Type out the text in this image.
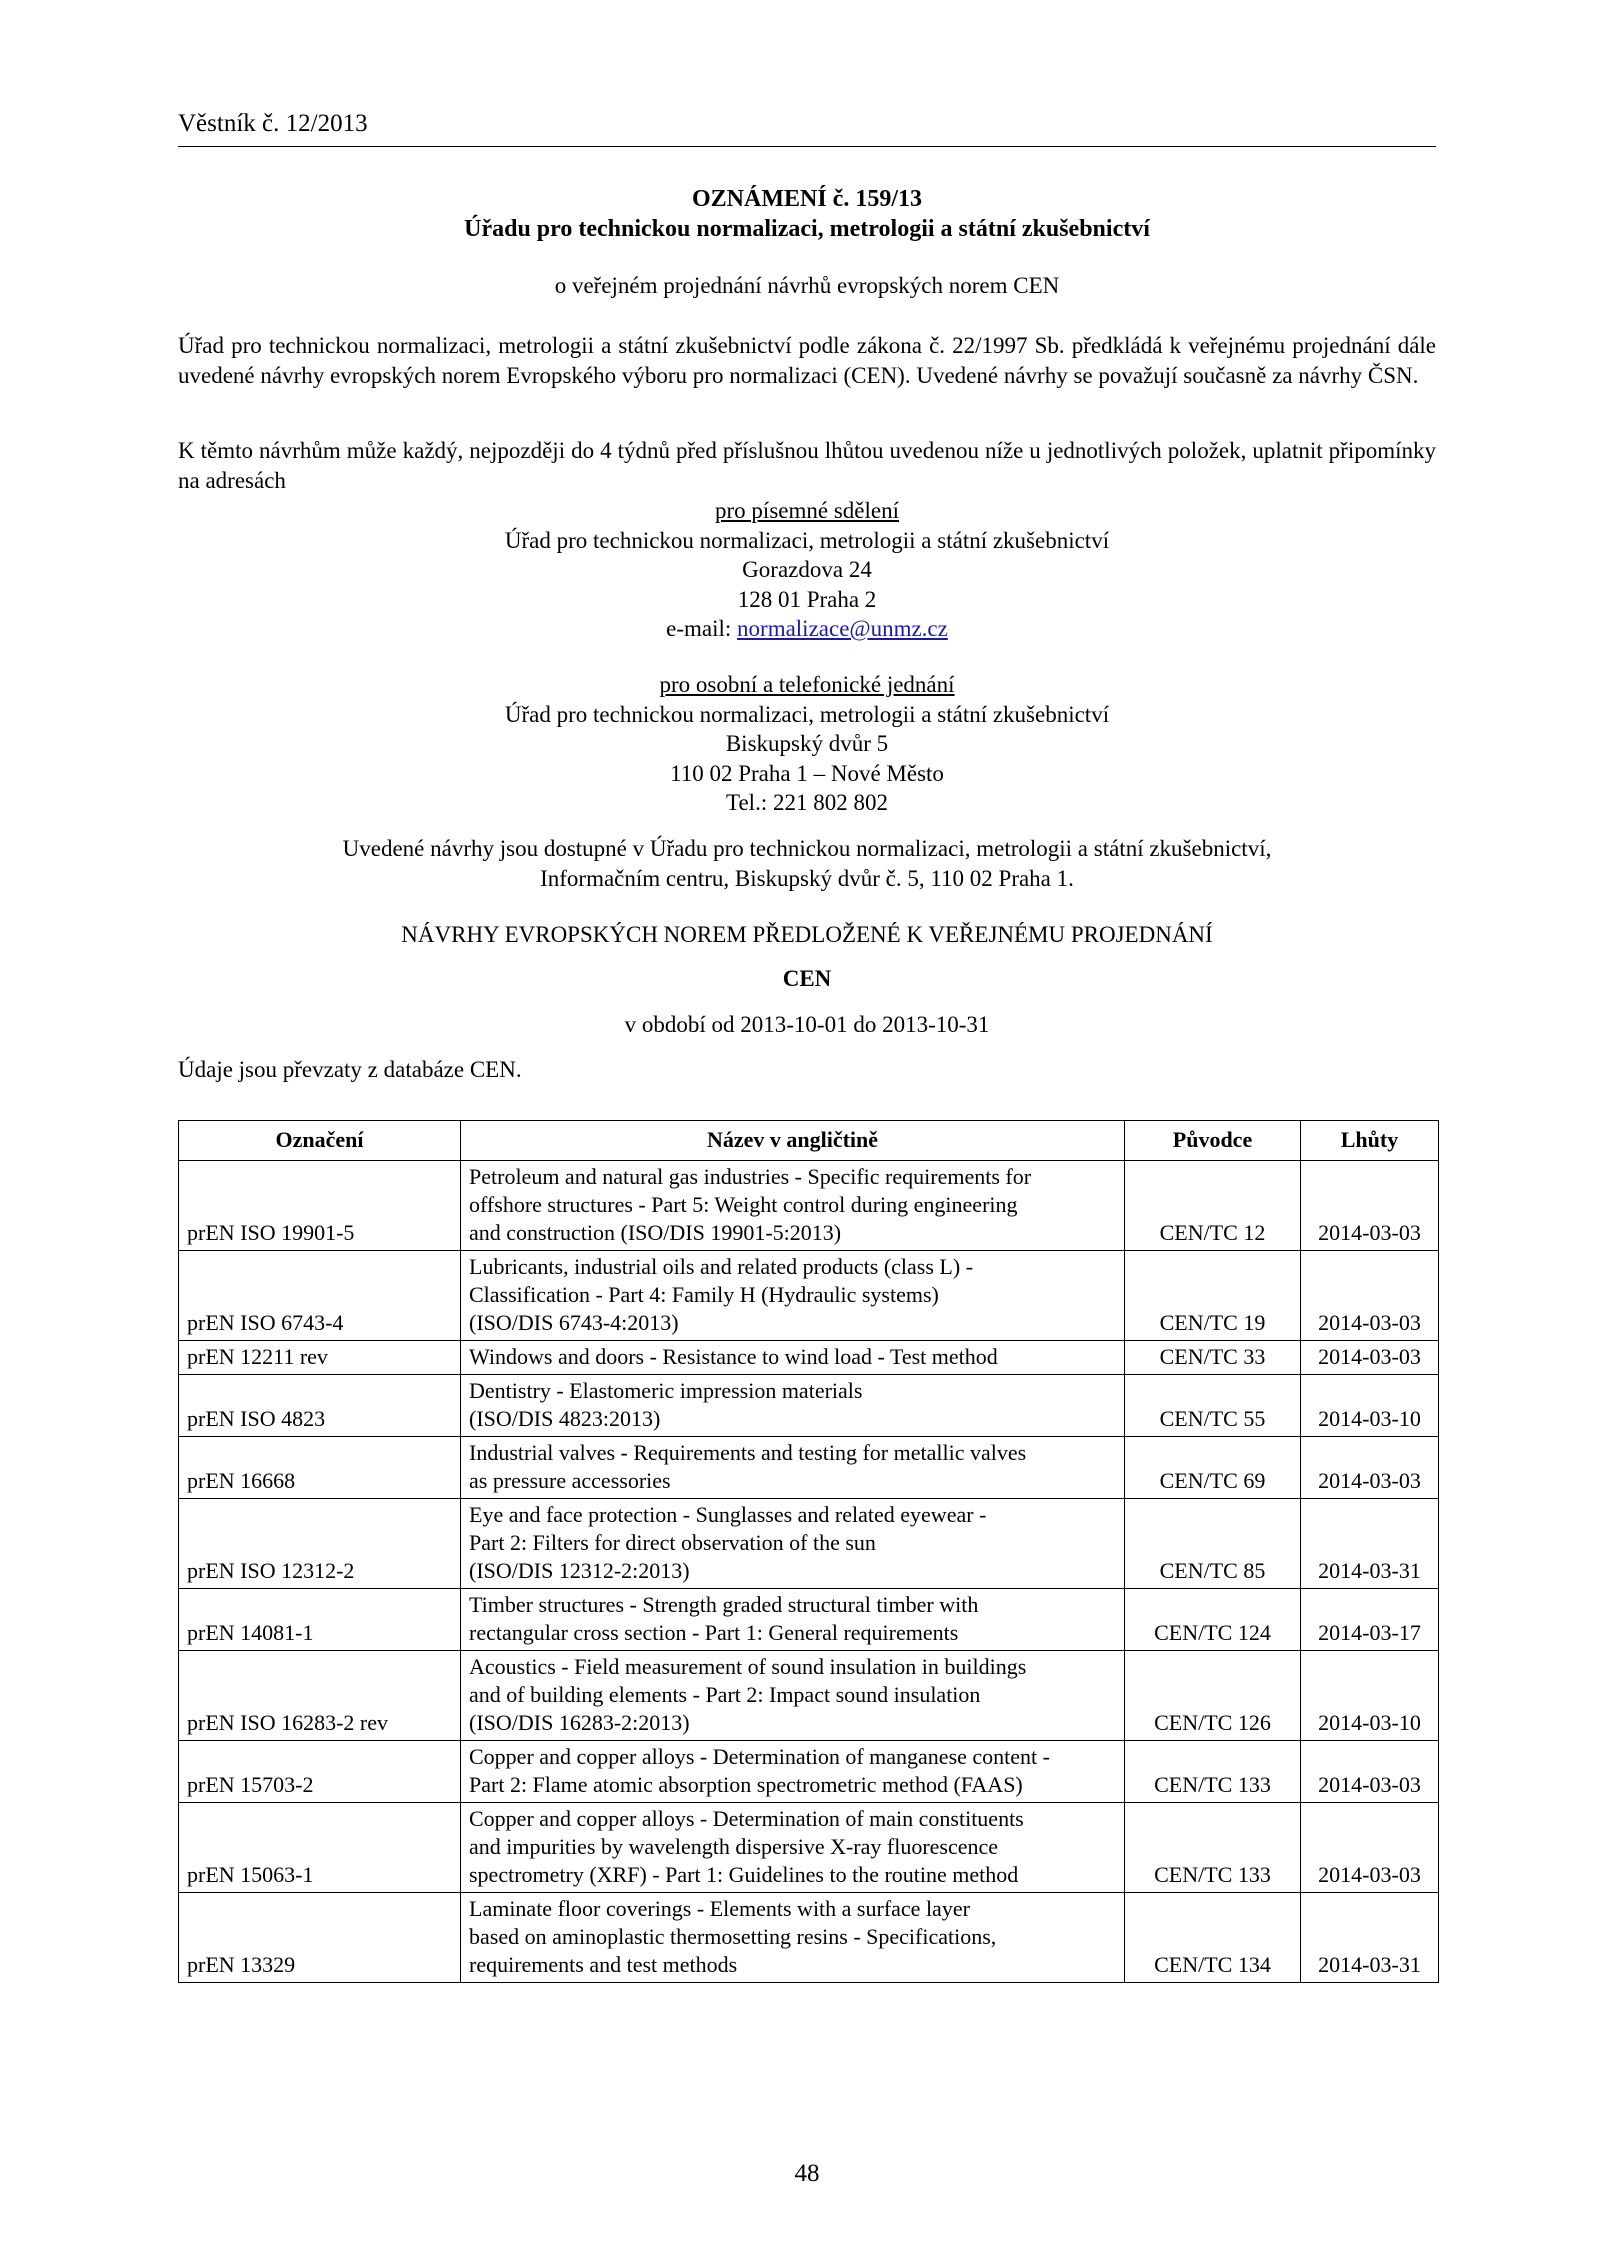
Věstník č. 12/2013
OZNÁMENÍ č. 159/13
Úřadu pro technickou normalizaci, metrologii a státní zkušebnictví
o veřejném projednání návrhů evropských norem CEN
Úřad pro technickou normalizaci, metrologii a státní zkušebnictví podle zákona č. 22/1997 Sb. předkládá k veřejnému projednání dále uvedené návrhy evropských norem Evropského výboru pro normalizaci (CEN). Uvedené návrhy se považují současně za návrhy ČSN.
K těmto návrhům může každý, nejpozději do 4 týdnů před příslušnou lhůtou uvedenou níže u jednotlivých položek, uplatnit připomínky na adresách
pro písemné sdělení
Úřad pro technickou normalizaci, metrologii a státní zkušebnictví
Gorazdova 24
128 01 Praha 2
e-mail: normalizace@unmz.cz
pro osobní a telefonické jednání
Úřad pro technickou normalizaci, metrologii a státní zkušebnictví
Biskupský dvůr 5
110 02 Praha 1 – Nové Město
Tel.: 221 802 802
Uvedené návrhy jsou dostupné v Úřadu pro technickou normalizaci, metrologii a státní zkušebnictví,
Informačním centru, Biskupský dvůr č. 5, 110 02 Praha 1.
NÁVRHY EVROPSKÝCH NOREM PŘEDLOŽENÉ K VEŘEJNÉMU PROJEDNÁNÍ
CEN
v období od 2013-10-01 do 2013-10-31
Údaje jsou převzaty z databáze CEN.
Označení	Název v angličtině	Původce	Lhůty
prEN ISO 19901-5	Petroleum and natural gas industries - Specific requirements for
offshore structures - Part 5: Weight control during engineering
and construction (ISO/DIS 19901-5:2013)	CEN/TC 12	2014-03-03
prEN ISO 6743-4	Lubricants, industrial oils and related products (class L) -
Classification - Part 4: Family H (Hydraulic systems)
(ISO/DIS 6743-4:2013)	CEN/TC 19	2014-03-03
prEN 12211 rev	Windows and doors - Resistance to wind load - Test method	CEN/TC 33	2014-03-03
prEN ISO 4823	Dentistry - Elastomeric impression materials
(ISO/DIS 4823:2013)	CEN/TC 55	2014-03-10
prEN 16668	Industrial valves - Requirements and testing for metallic valves
as pressure accessories	CEN/TC 69	2014-03-03
prEN ISO 12312-2	Eye and face protection - Sunglasses and related eyewear -
Part 2: Filters for direct observation of the sun
(ISO/DIS 12312-2:2013)	CEN/TC 85	2014-03-31
prEN 14081-1	Timber structures - Strength graded structural timber with
rectangular cross section - Part 1: General requirements	CEN/TC 124	2014-03-17
prEN ISO 16283-2 rev	Acoustics - Field measurement of sound insulation in buildings
and of building elements - Part 2: Impact sound insulation
(ISO/DIS 16283-2:2013)	CEN/TC 126	2014-03-10
prEN 15703-2	Copper and copper alloys - Determination of manganese content -
Part 2: Flame atomic absorption spectrometric method (FAAS)	CEN/TC 133	2014-03-03
prEN 15063-1	Copper and copper alloys - Determination of main constituents
and impurities by wavelength dispersive X-ray fluorescence
spectrometry (XRF) - Part 1: Guidelines to the routine method	CEN/TC 133	2014-03-03
prEN 13329	Laminate floor coverings - Elements with a surface layer
based on aminoplastic thermosetting resins - Specifications,
requirements and test methods	CEN/TC 134	2014-03-31
48
